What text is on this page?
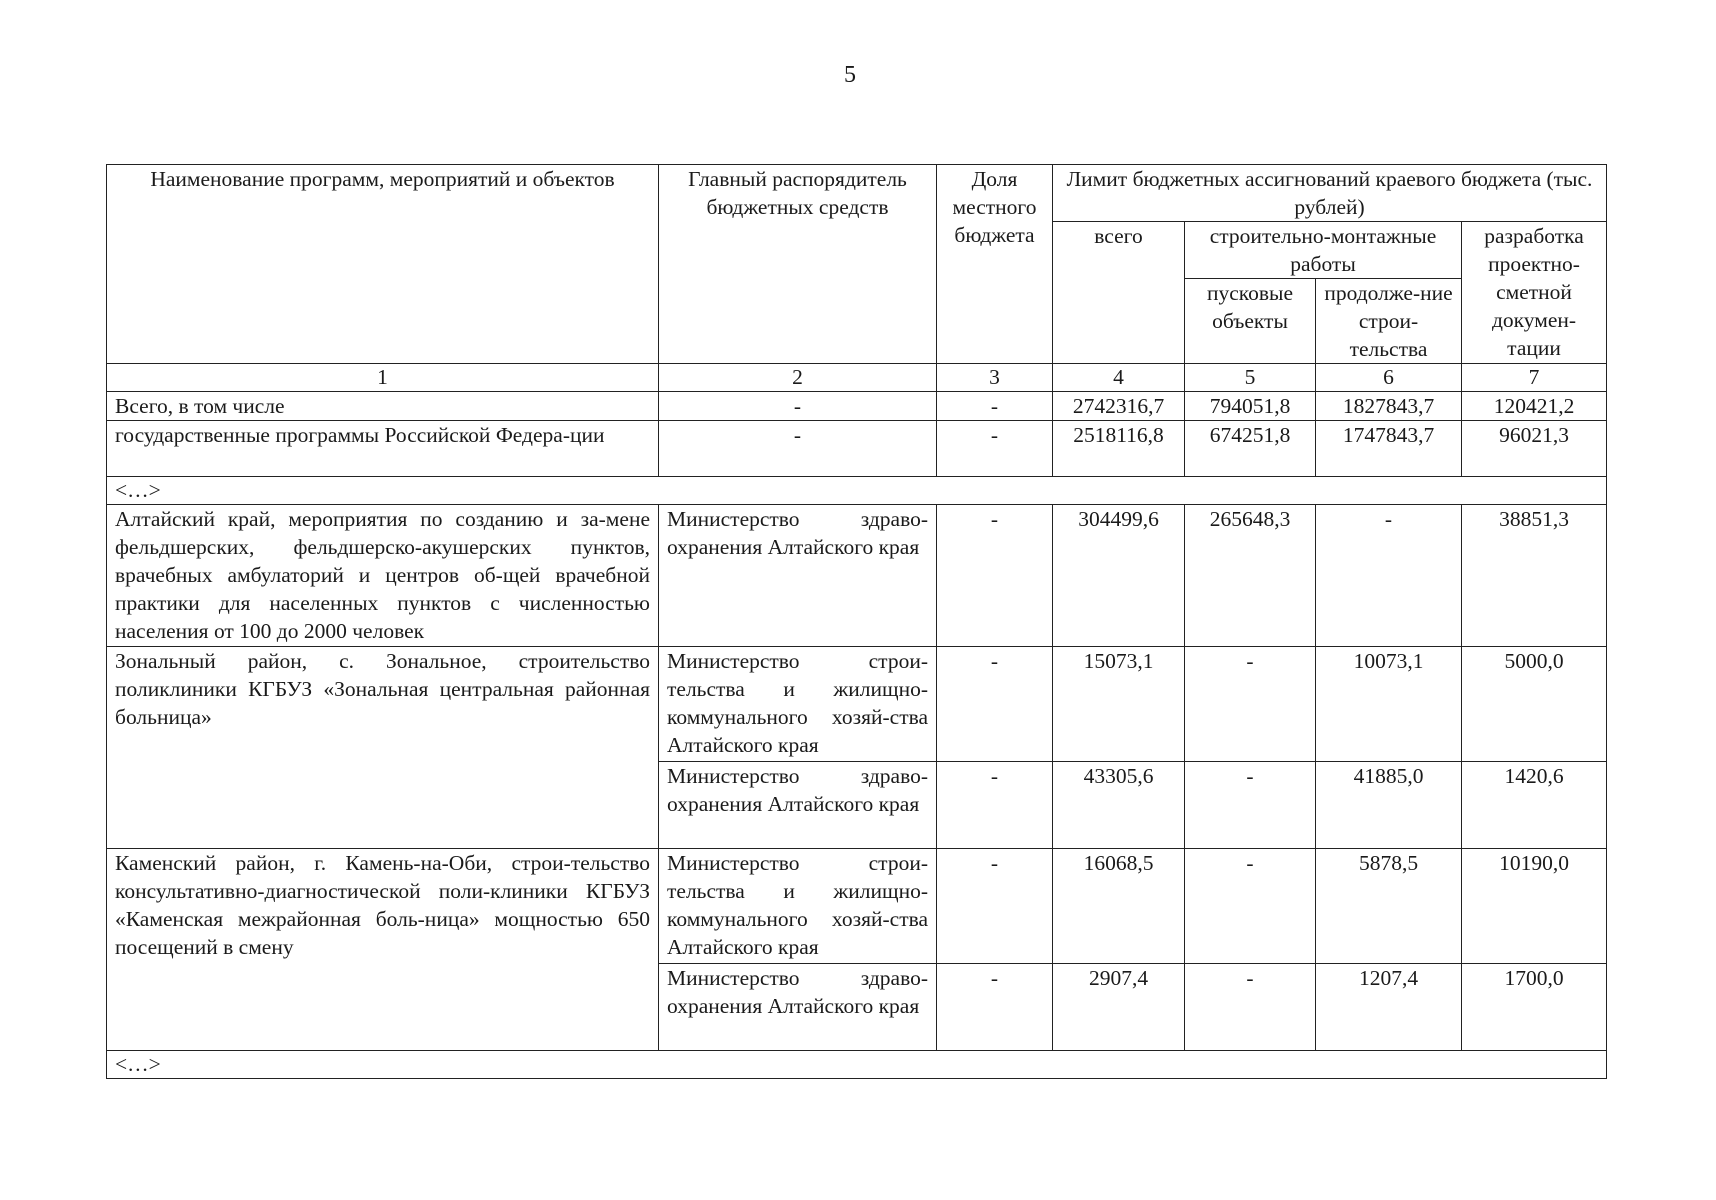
5
Наименование программ, мероприятий и объектов	Главный распорядитель бюджетных средств	Доля местного бюджета	Лимит бюджетных ассигнований краевого бюджета (тыс. рублей)			
			всего	строительно-монтажные работы		разработка проектно-сметной докумен-тации
				пусковые объекты	продолже-ние строи-тельства	
1	2	3	4	5	6	7
Всего, в том числе	-	-	2742316,7	794051,8	1827843,7	120421,2
государственные программы Российской Федера-ции	-	-	2518116,8	674251,8	1747843,7	96021,3
<…>						
Алтайский край, мероприятия по созданию и за-мене фельдшерских, фельдшерско-акушерских пунктов, врачебных амбулаторий и центров об-щей врачебной практики для населенных пунктов с численностью населения от 100 до 2000 человек	Министерство здраво-охранения Алтайского края	-	304499,6	265648,3	-	38851,3
Зональный район, с. Зональное, строительство поликлиники КГБУЗ «Зональная центральная районная больница»	Министерство строи-тельства и жилищно-коммунального хозяй-ства Алтайского края	-	15073,1	-	10073,1	5000,0
	Министерство здраво-охранения Алтайского края	-	43305,6	-	41885,0	1420,6
Каменский район, г. Камень-на-Оби, строи-тельство консультативно-диагностической поли-клиники КГБУЗ «Каменская межрайонная боль-ница» мощностью 650 посещений в смену	Министерство строи-тельства и жилищно-коммунального хозяй-ства Алтайского края	-	16068,5	-	5878,5	10190,0
	Министерство здраво-охранения Алтайского края	-	2907,4	-	1207,4	1700,0
<…>						
